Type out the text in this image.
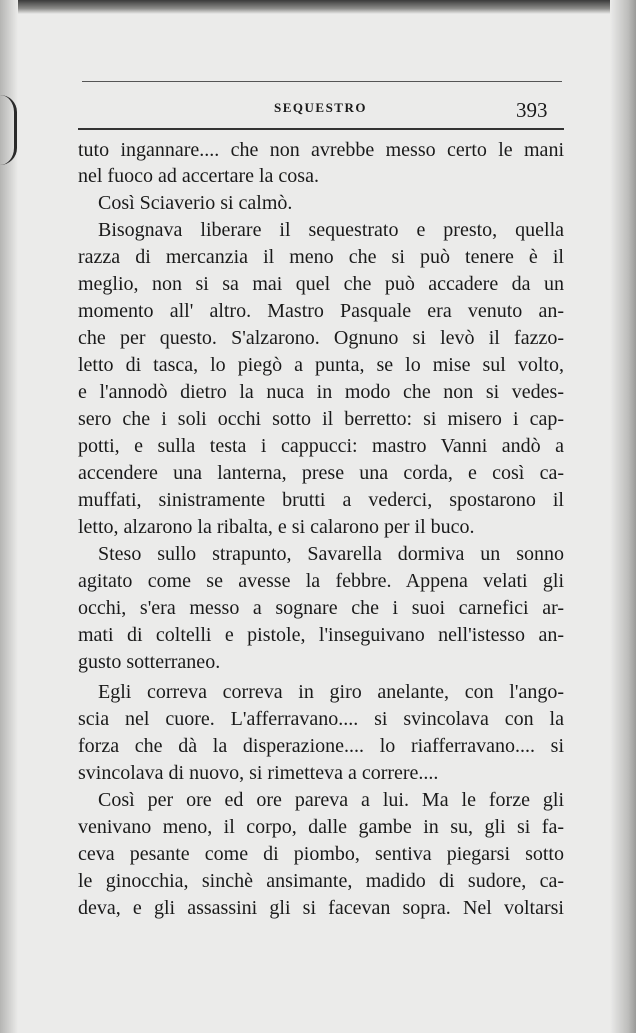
SEQUESTRO	393
tuto ingannare.... che non avrebbe messo certo le mani
nel fuoco ad accertare la cosa.
Così Sciaverio si calmò.
Bisognava liberare il sequestrato e presto, quella
razza di mercanzia il meno che si può tenere è il
meglio, non si sa mai quel che può accadere da un
momento all' altro. Mastro Pasquale era venuto an-
che per questo. S'alzarono. Ognuno si levò il fazzo-
letto di tasca, lo piegò a punta, se lo mise sul volto,
e l'annodò dietro la nuca in modo che non si vedes-
sero che i soli occhi sotto il berretto: si misero i cap-
potti, e sulla testa i cappucci: mastro Vanni andò a
accendere una lanterna, prese una corda, e così ca-
muffati, sinistramente brutti a vederci, spostarono il
letto, alzarono la ribalta, e si calarono per il buco.
Steso sullo strapunto, Savarella dormiva un sonno
agitato come se avesse la febbre. Appena velati gli
occhi, s'era messo a sognare che i suoi carnefici ar-
mati di coltelli e pistole, l'inseguivano nell'istesso an-
gusto sotterraneo.
Egli correva correva in giro anelante, con l'ango-
scia nel cuore. L'afferravano.... si svincolava con la
forza che dà la disperazione.... lo riafferravano.... si
svincolava di nuovo, si rimetteva a correre....
Così per ore ed ore pareva a lui. Ma le forze gli
venivano meno, il corpo, dalle gambe in su, gli si fa-
ceva pesante come di piombo, sentiva piegarsi sotto
le ginocchia, sinchè ansimante, madido di sudore, ca-
deva, e gli assassini gli si facevan sopra. Nel voltarsi
